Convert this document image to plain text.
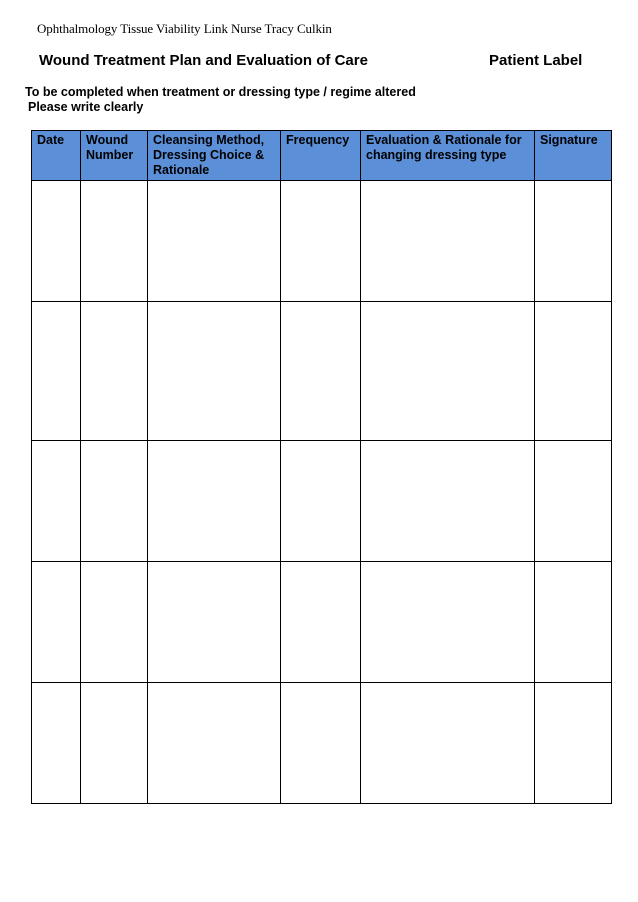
Ophthalmology Tissue Viability Link Nurse Tracy Culkin
Wound Treatment Plan and Evaluation of Care	Patient Label
To be completed when treatment or dressing type / regime altered
Please write clearly
Date	Wound Number	Cleansing Method, Dressing Choice & Rationale	Frequency	Evaluation & Rationale for changing dressing type	Signature
